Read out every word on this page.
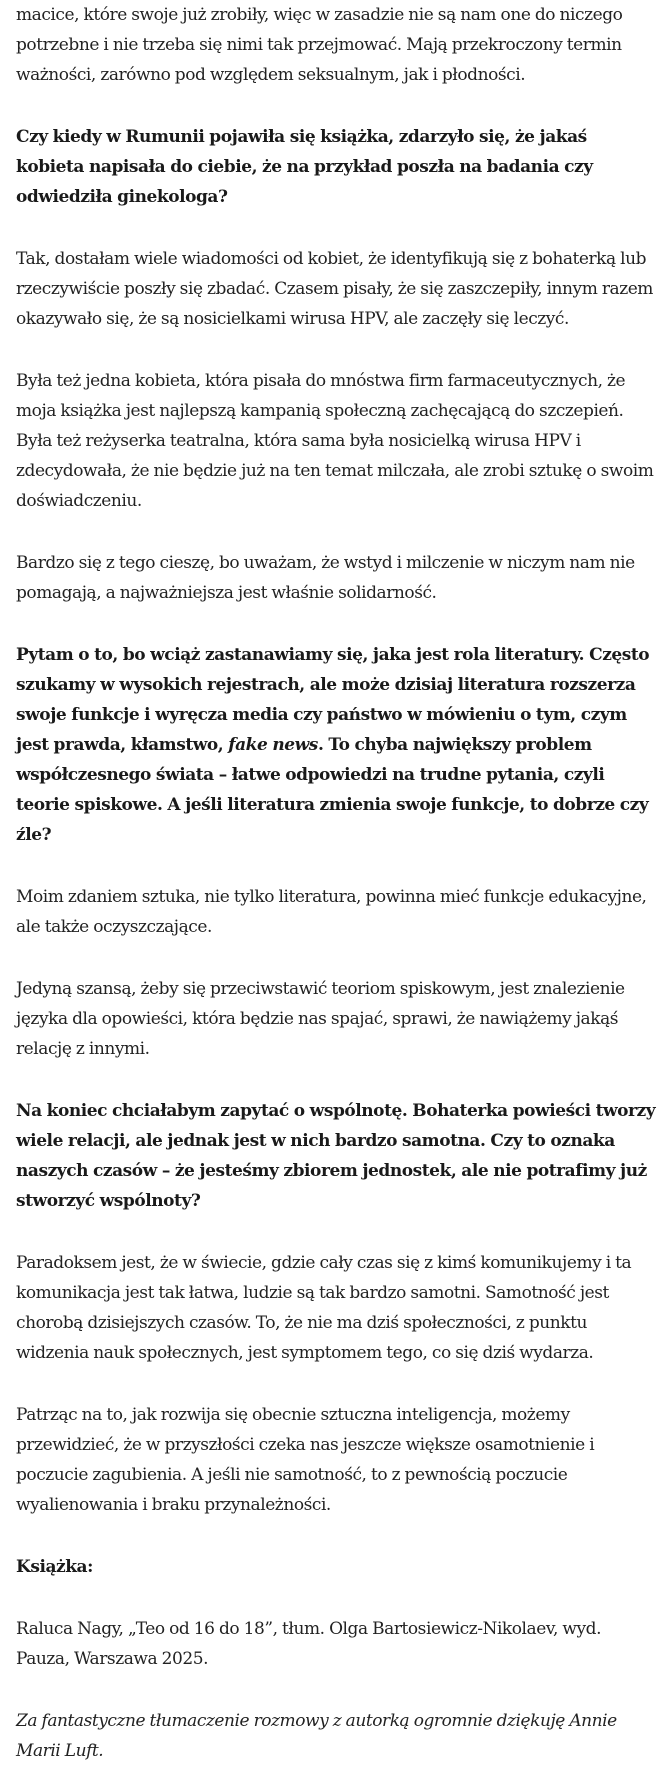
macice, które swoje już zrobiły, więc w zasadzie nie są nam one do niczego potrzebne i nie trzeba się nimi tak przejmować. Mają przekroczony termin ważności, zarówno pod względem seksualnym, jak i płodności.

Czy kiedy w Rumunii pojawiła się książka, zdarzyło się, że jakaś kobieta napisała do ciebie, że na przykład poszła na badania czy odwiedziła ginekologa?

Tak, dostałam wiele wiadomości od kobiet, że identyfikują się z bohaterką lub rzeczywiście poszły się zbadać. Czasem pisały, że się zaszczepiły, innym razem okazywało się, że są nosicielkami wirusa HPV, ale zaczęły się leczyć.

Była też jedna kobieta, która pisała do mnóstwa firm farmaceutycznych, że moja książka jest najlepszą kampanią społeczną zachęcającą do szczepień. Była też reżyserka teatralna, która sama była nosicielką wirusa HPV i zdecydowała, że nie będzie już na ten temat milczała, ale zrobi sztukę o swoim doświadczeniu.

Bardzo się z tego cieszę, bo uważam, że wstyd i milczenie w niczym nam nie pomagają, a najważniejsza jest właśnie solidarność.

Pytam o to, bo wciąż zastanawiamy się, jaka jest rola literatury. Często szukamy w wysokich rejestrach, ale może dzisiaj literatura rozszerza swoje funkcje i wyręcza media czy państwo w mówieniu o tym, czym jest prawda, kłamstwo, fake news. To chyba największy problem współczesnego świata – łatwe odpowiedzi na trudne pytania, czyli teorie spiskowe. A jeśli literatura zmienia swoje funkcje, to dobrze czy źle?

Moim zdaniem sztuka, nie tylko literatura, powinna mieć funkcje edukacyjne, ale także oczyszczające.

Jedyną szansą, żeby się przeciwstawić teoriom spiskowym, jest znalezienie języka dla opowieści, która będzie nas spajać, sprawi, że nawiążemy jakąś relację z innymi.

Na koniec chciałabym zapytać o wspólnotę. Bohaterka powieści tworzy wiele relacji, ale jednak jest w nich bardzo samotna. Czy to oznaka naszych czasów – że jesteśmy zbiorem jednostek, ale nie potrafimy już stworzyć wspólnoty?

Paradoksem jest, że w świecie, gdzie cały czas się z kimś komunikujemy i ta komunikacja jest tak łatwa, ludzie są tak bardzo samotni. Samotność jest chorobą dzisiejszych czasów. To, że nie ma dziś społeczności, z punktu widzenia nauk społecznych, jest symptomem tego, co się dziś wydarza.

Patrząc na to, jak rozwija się obecnie sztuczna inteligencja, możemy przewidzieć, że w przyszłości czeka nas jeszcze większe osamotnienie i poczucie zagubienia. A jeśli nie samotność, to z pewnością poczucie wyalienowania i braku przynależności.

Książka:

Raluca Nagy, „Teo od 16 do 18”, tłum. Olga Bartosiewicz-Nikolaev, wyd. Pauza, Warszawa 2025.

Za fantastyczne tłumaczenie rozmowy z autorką ogromnie dziękuję Annie Marii Luft.
